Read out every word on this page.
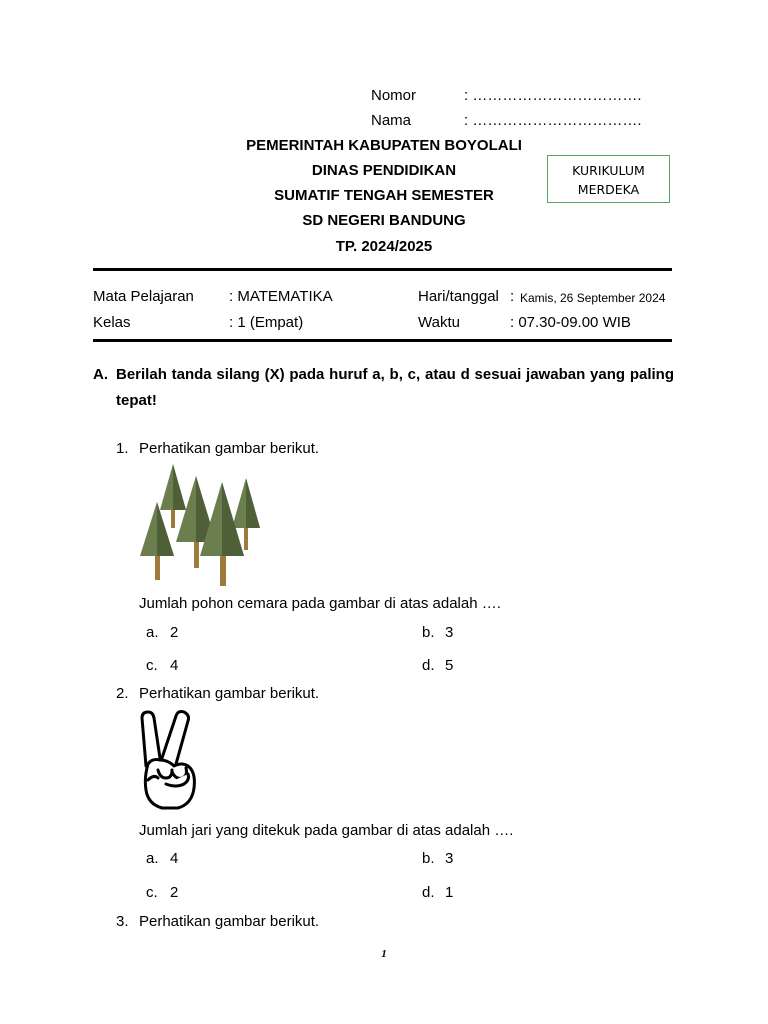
Nomor	: …………………………….
Nama	: …………………………….
PEMERINTAH KABUPATEN BOYOLALI
DINAS PENDIDIKAN
SUMATIF TENGAH SEMESTER
SD NEGERI BANDUNG
TP. 2024/2025
KURIKULUM
MERDEKA
Mata Pelajaran : MATEMATIKA	Hari/tanggal : Kamis, 26 September 2024
Kelas	: 1 (Empat)	Waktu	: 07.30-09.00 WIB
A. Berilah tanda silang (X) pada huruf a, b, c, atau d sesuai jawaban yang paling tepat!
1. Perhatikan gambar berikut.
Jumlah pohon cemara pada gambar di atas adalah ….
a. 2	b. 3
c. 4	d. 5
2. Perhatikan gambar berikut.
Jumlah jari yang ditekuk pada gambar di atas adalah ….
a. 4	b. 3
c. 2	d. 1
3. Perhatikan gambar berikut.
1
